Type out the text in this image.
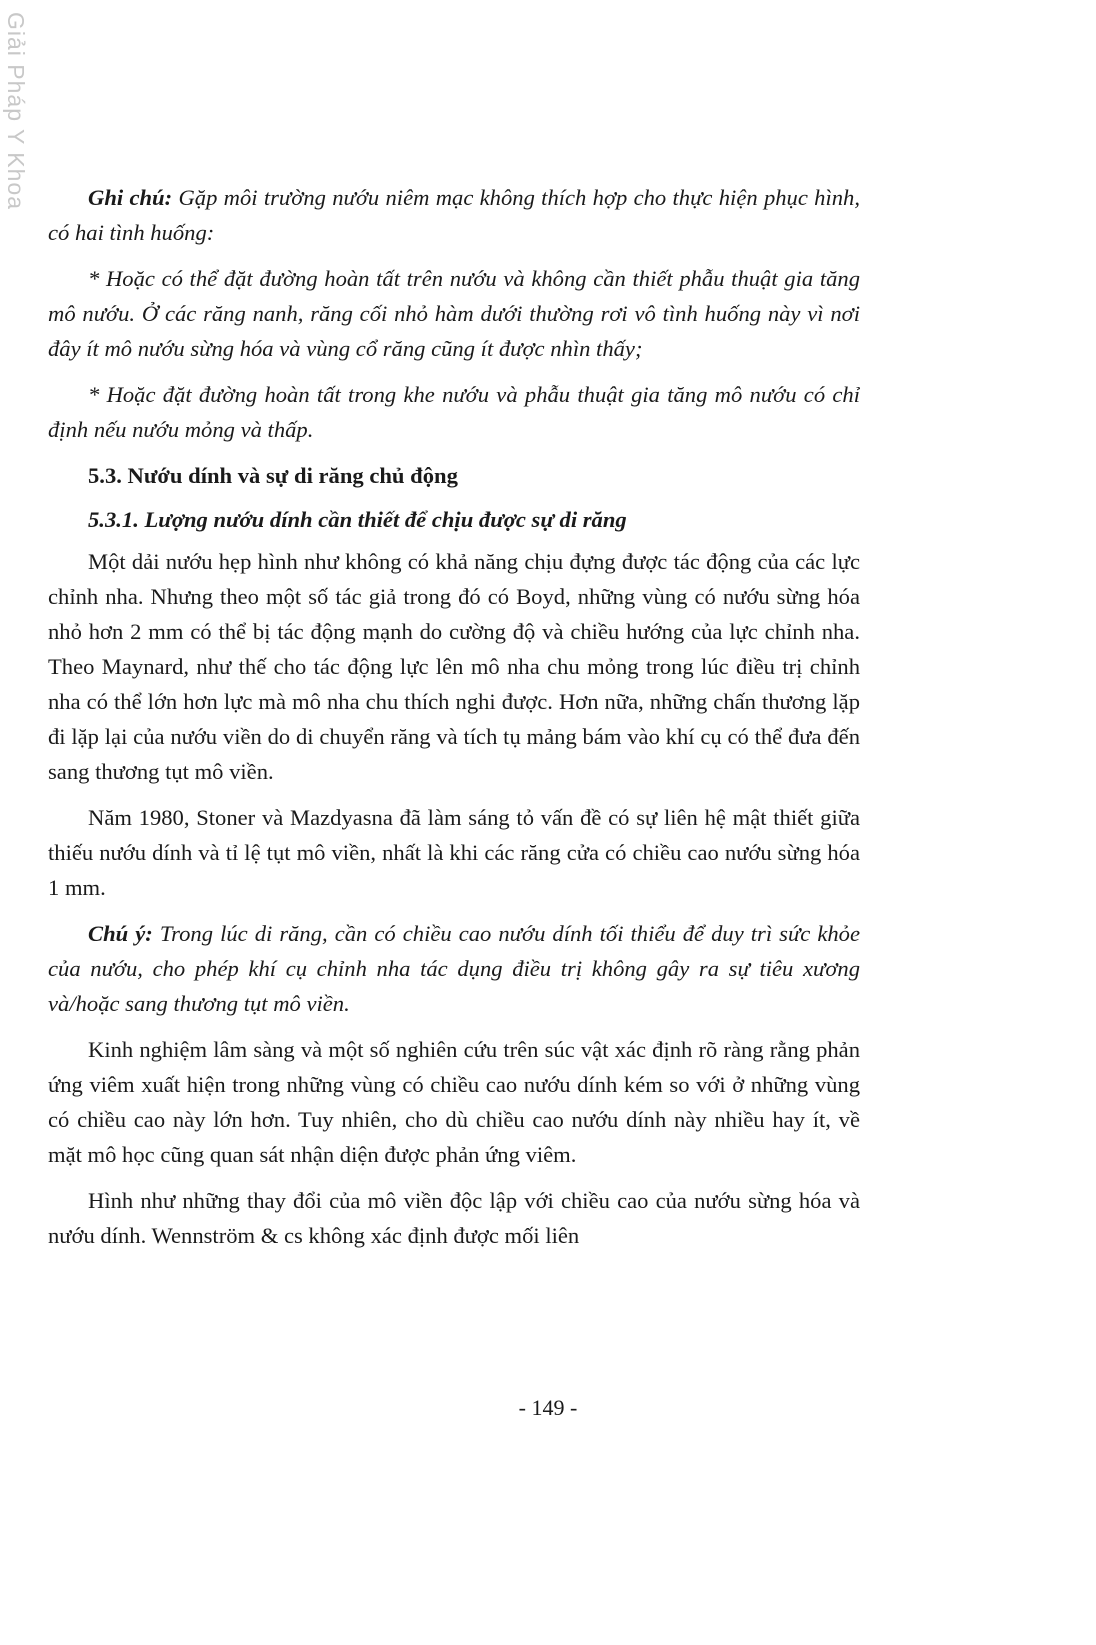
Giải Pháp Y Khoa	Ghi chú: Gặp môi trường nướu niêm mạc không thích hợp cho thực hiện phục hình, có hai tình huống:

* Hoặc có thể đặt đường hoàn tất trên nướu và không cần thiết phẫu thuật gia tăng mô nướu. Ở các răng nanh, răng cối nhỏ hàm dưới thường rơi vô tình huống này vì nơi đây ít mô nướu sừng hóa và vùng cổ răng cũng ít được nhìn thấy;

* Hoặc đặt đường hoàn tất trong khe nướu và phẫu thuật gia tăng mô nướu có chỉ định nếu nướu mỏng và thấp.

5.3. Nướu dính và sự di răng chủ động
5.3.1. Lượng nướu dính cần thiết để chịu được sự di răng

Một dải nướu hẹp hình như không có khả năng chịu đựng được tác động của các lực chỉnh nha. Nhưng theo một số tác giả trong đó có Boyd, những vùng có nướu sừng hóa nhỏ hơn 2 mm có thể bị tác động mạnh do cường độ và chiều hướng của lực chỉnh nha. Theo Maynard, như thế cho tác động lực lên mô nha chu mỏng trong lúc điều trị chỉnh nha có thể lớn hơn lực mà mô nha chu thích nghi được. Hơn nữa, những chấn thương lặp đi lặp lại của nướu viền do di chuyển răng và tích tụ mảng bám vào khí cụ có thể đưa đến sang thương tụt mô viền.

Năm 1980, Stoner và Mazdyasna đã làm sáng tỏ vấn đề có sự liên hệ mật thiết giữa thiếu nướu dính và tỉ lệ tụt mô viền, nhất là khi các răng cửa có chiều cao nướu sừng hóa 1 mm.

Chú ý: Trong lúc di răng, cần có chiều cao nướu dính tối thiểu để duy trì sức khỏe của nướu, cho phép khí cụ chỉnh nha tác dụng điều trị không gây ra sự tiêu xương và/hoặc sang thương tụt mô viền.

Kinh nghiệm lâm sàng và một số nghiên cứu trên súc vật xác định rõ ràng rằng phản ứng viêm xuất hiện trong những vùng có chiều cao nướu dính kém so với ở những vùng có chiều cao này lớn hơn. Tuy nhiên, cho dù chiều cao nướu dính này nhiều hay ít, về mặt mô học cũng quan sát nhận diện được phản ứng viêm.

Hình như những thay đổi của mô viền độc lập với chiều cao của nướu sừng hóa và nướu dính. Wennström & cs không xác định được mối liên

- 149 -
